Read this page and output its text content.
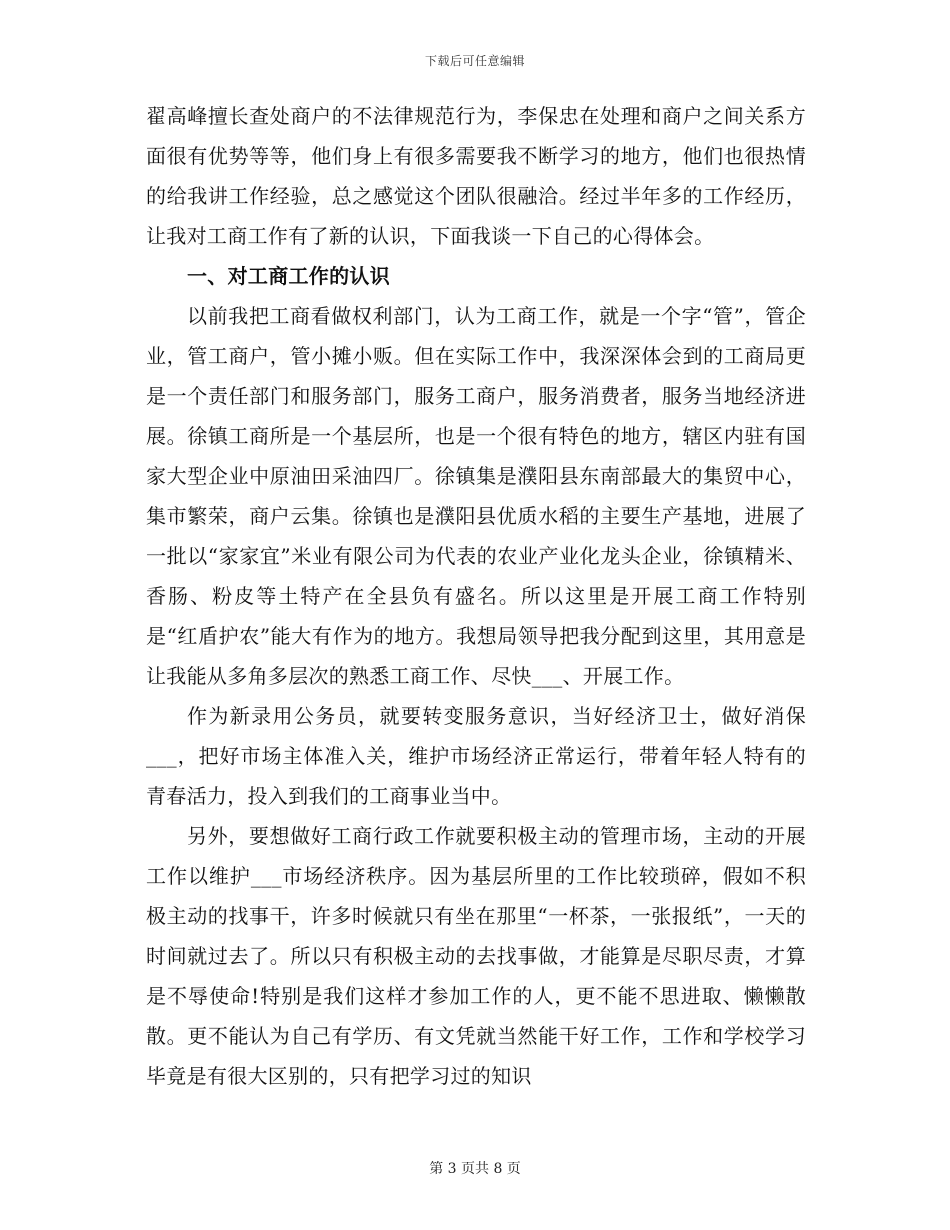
下载后可任意编辑

翟高峰擅长查处商户的不法律规范行为，李保忠在处理和商户之间关系方面很有优势等等，他们身上有很多需要我不断学习的地方，他们也很热情的给我讲工作经验，总之感觉这个团队很融洽。经过半年多的工作经历，让我对工商工作有了新的认识，下面我谈一下自己的心得体会。

一、对工商工作的认识

以前我把工商看做权利部门，认为工商工作，就是一个字“管”，管企业，管工商户，管小摊小贩。但在实际工作中，我深深体会到的工商局更是一个责任部门和服务部门，服务工商户，服务消费者，服务当地经济进展。徐镇工商所是一个基层所，也是一个很有特色的地方，辖区内驻有国家大型企业中原油田采油四厂。徐镇集是濮阳县东南部最大的集贸中心，集市繁荣，商户云集。徐镇也是濮阳县优质水稻的主要生产基地，进展了一批以“家家宜”米业有限公司为代表的农业产业化龙头企业，徐镇精米、香肠、粉皮等土特产在全县负有盛名。所以这里是开展工商工作特别是“红盾护农”能大有作为的地方。我想局领导把我分配到这里，其用意是让我能从多角多层次的熟悉工商工作、尽快___、开展工作。

作为新录用公务员，就要转变服务意识，当好经济卫士，做好消保___，把好市场主体准入关，维护市场经济正常运行，带着年轻人特有的青春活力，投入到我们的工商事业当中。

另外，要想做好工商行政工作就要积极主动的管理市场，主动的开展工作以维护___市场经济秩序。因为基层所里的工作比较琐碎，假如不积极主动的找事干，许多时候就只有坐在那里“一杯茶，一张报纸”，一天的时间就过去了。所以只有积极主动的去找事做，才能算是尽职尽责，才算是不辱使命!特别是我们这样才参加工作的人，更不能不思进取、懒懒散散。更不能认为自己有学历、有文凭就当然能干好工作，工作和学校学习毕竟是有很大区别的，只有把学习过的知识

第 3 页共 8 页
